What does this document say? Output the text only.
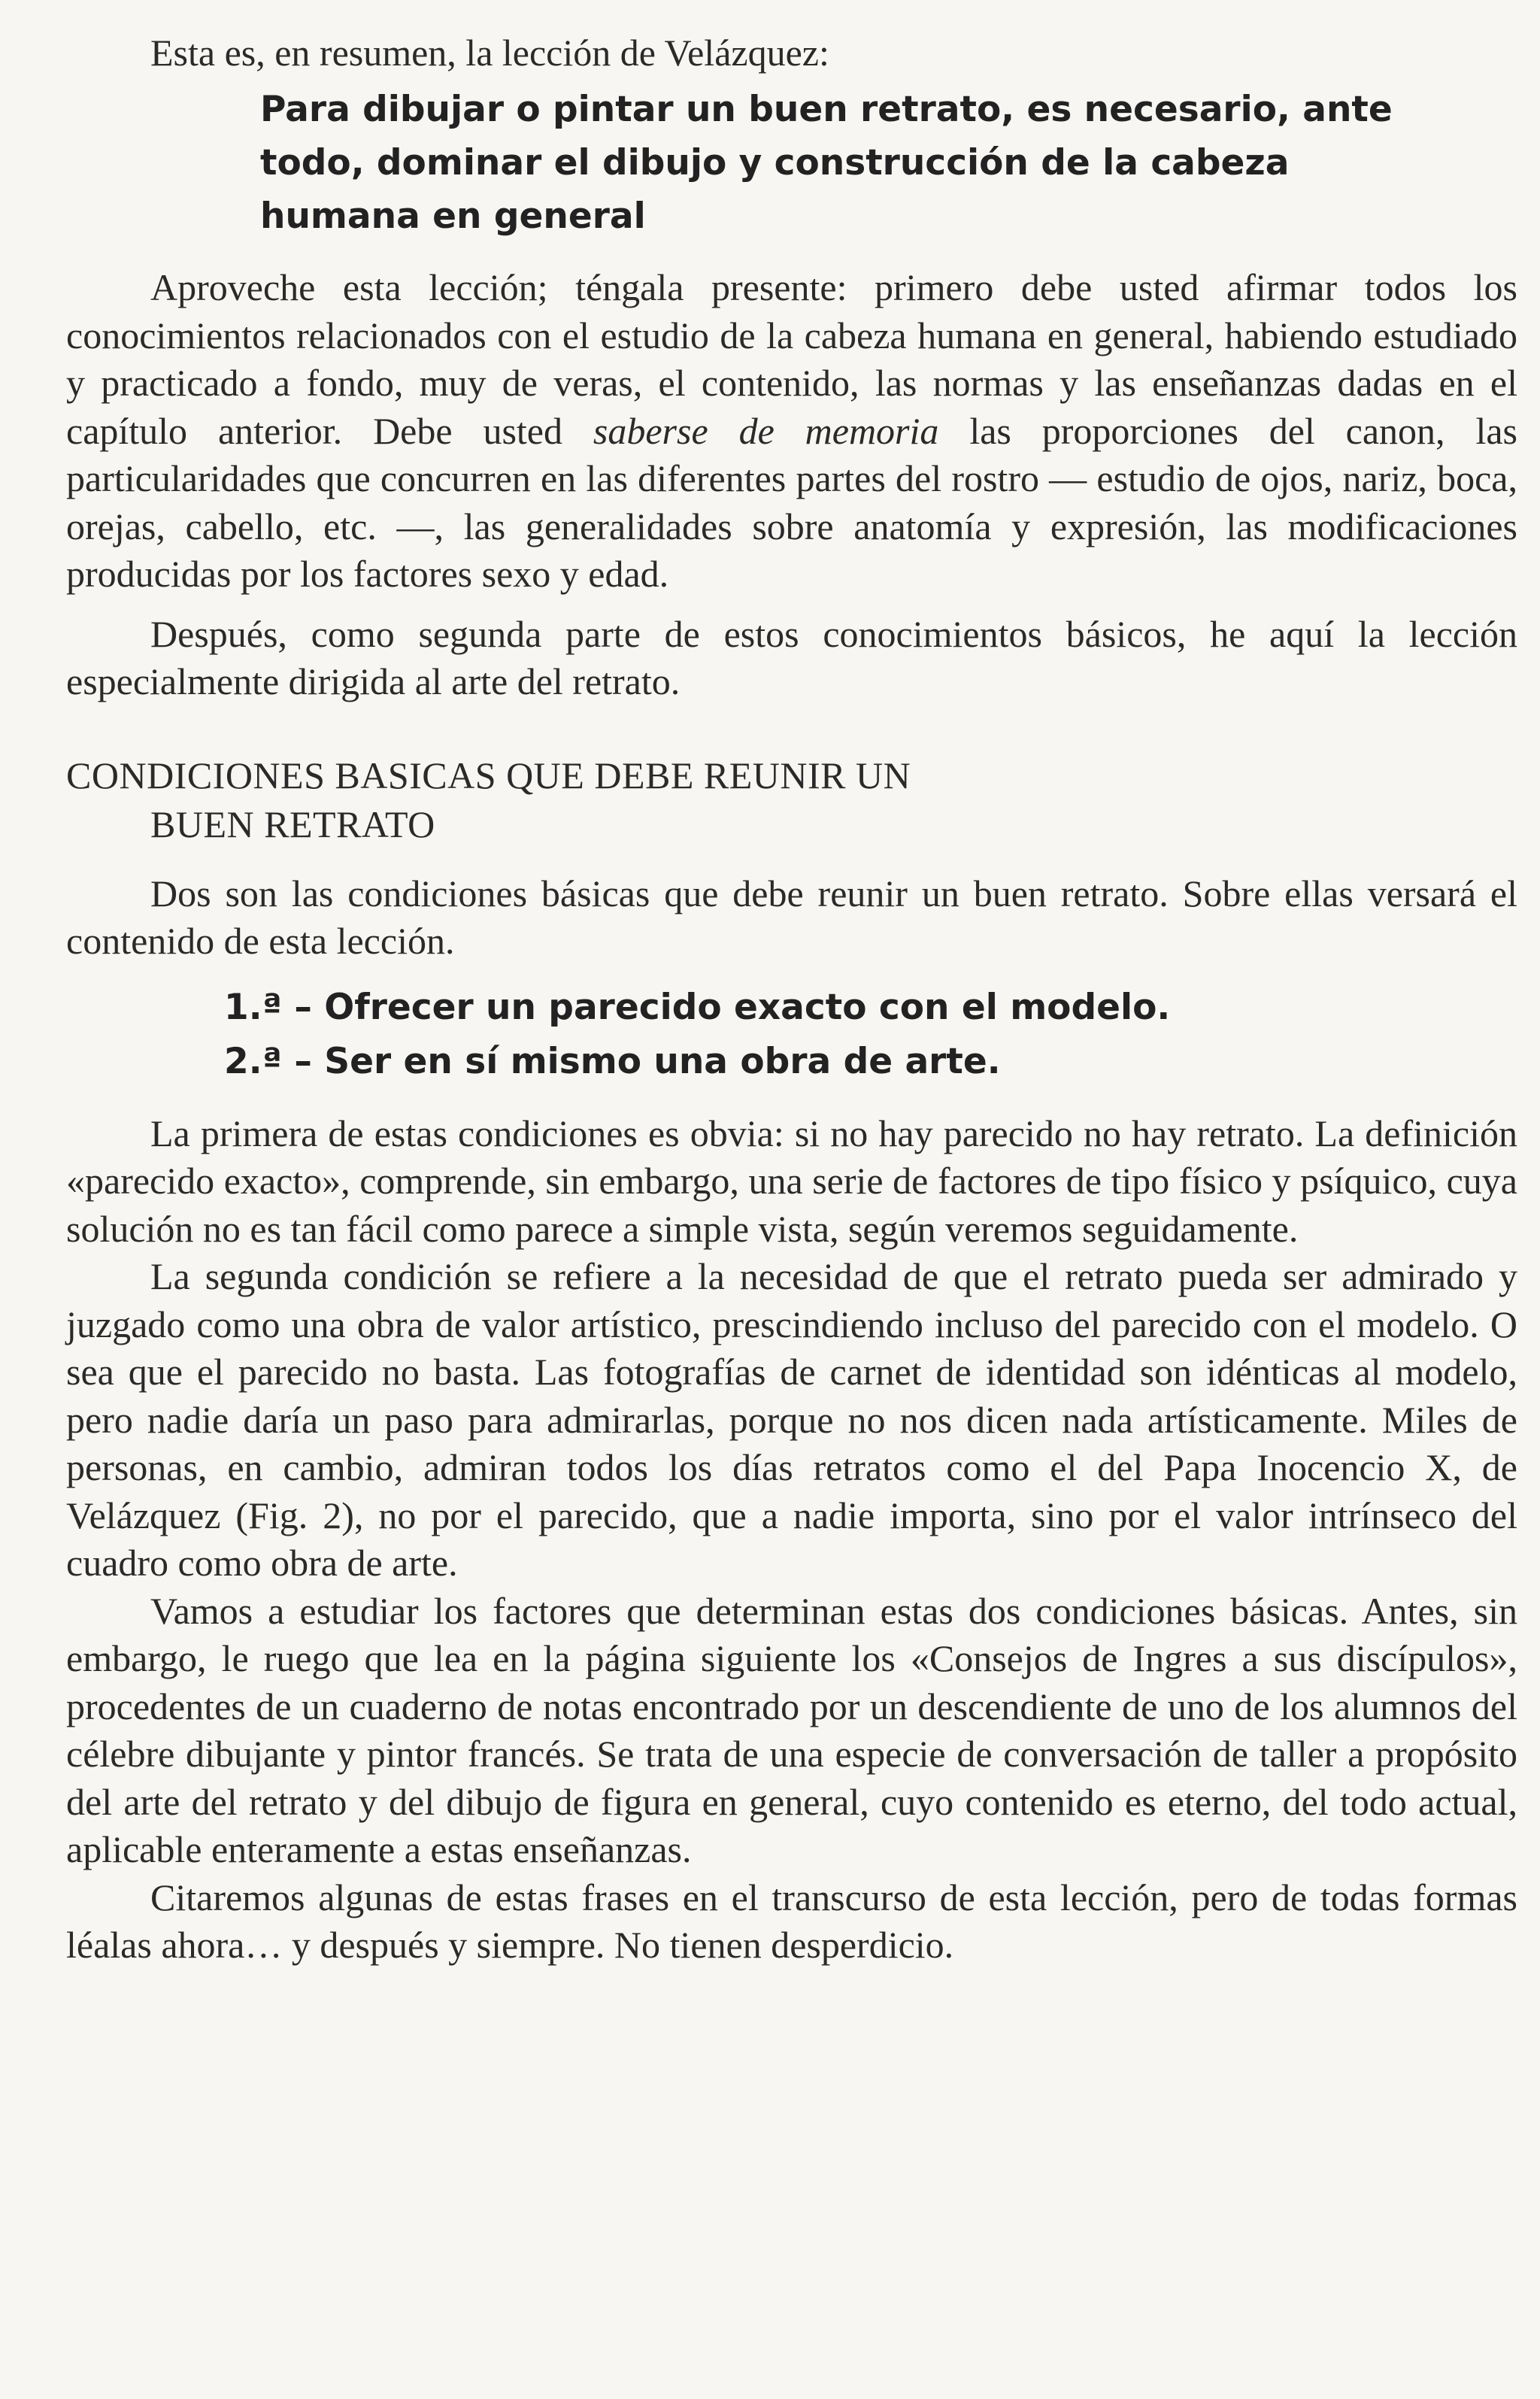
Esta es, en resumen, la lección de Velázquez:

Para dibujar o pintar un buen retrato, es necesario, ante todo, dominar el dibujo y construcción de la cabeza humana en general

Aproveche esta lección; téngala presente: primero debe usted afirmar todos los conocimientos relacionados con el estudio de la cabeza humana en general, habiendo estudiado y practicado a fondo, muy de veras, el contenido, las normas y las enseñanzas dadas en el capítulo anterior. Debe usted saberse de memoria las proporciones del canon, las particularidades que concurren en las diferentes partes del rostro — estudio de ojos, nariz, boca, orejas, cabello, etc. —, las generalidades sobre anatomía y expresión, las modificaciones producidas por los factores sexo y edad.

Después, como segunda parte de estos conocimientos básicos, he aquí la lección especialmente dirigida al arte del retrato.

CONDICIONES BASICAS QUE DEBE REUNIR UN
BUEN RETRATO

Dos son las condiciones básicas que debe reunir un buen retrato. Sobre ellas versará el contenido de esta lección.

1.ª – Ofrecer un parecido exacto con el modelo.
2.ª – Ser en sí mismo una obra de arte.

La primera de estas condiciones es obvia: si no hay parecido no hay retrato. La definición «parecido exacto», comprende, sin embargo, una serie de factores de tipo físico y psíquico, cuya solución no es tan fácil como parece a simple vista, según veremos seguidamente.

La segunda condición se refiere a la necesidad de que el retrato pueda ser admirado y juzgado como una obra de valor artístico, prescindiendo incluso del parecido con el modelo. O sea que el parecido no basta. Las fotografías de carnet de identidad son idénticas al modelo, pero nadie daría un paso para admirarlas, porque no nos dicen nada artísticamente. Miles de personas, en cambio, admiran todos los días retratos como el del Papa Inocencio X, de Velázquez (Fig. 2), no por el parecido, que a nadie importa, sino por el valor intrínseco del cuadro como obra de arte.

Vamos a estudiar los factores que determinan estas dos condiciones básicas. Antes, sin embargo, le ruego que lea en la página siguiente los «Consejos de Ingres a sus discípulos», procedentes de un cuaderno de notas encontrado por un descendiente de uno de los alumnos del célebre dibujante y pintor francés. Se trata de una especie de conversación de taller a propósito del arte del retrato y del dibujo de figura en general, cuyo contenido es eterno, del todo actual, aplicable enteramente a estas enseñanzas.

Citaremos algunas de estas frases en el transcurso de esta lección, pero de todas formas léalas ahora… y después y siempre. No tienen desperdicio.
